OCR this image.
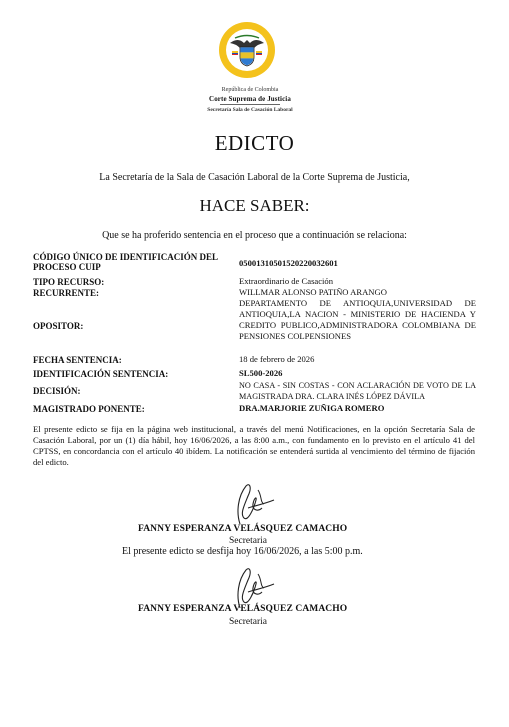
República de Colombia
Corte Suprema de Justicia
Secretaría Sala de Casación Laboral
EDICTO
La Secretaría de la Sala de Casación Laboral de la Corte Suprema de Justicia,
HACE SABER:
Que se ha proferido sentencia en el proceso que a continuación se relaciona:
CÓDIGO ÚNICO DE IDENTIFICACIÓN DEL PROCESO CUIP	05001310501520220032601
TIPO RECURSO:	Extraordinario de Casación
RECURRENTE:	WILLMAR ALONSO PATIÑO ARANGO
OPOSITOR:
DEPARTAMENTO DE ANTIOQUIA,UNIVERSIDAD DE ANTIOQUIA,LA NACION - MINISTERIO DE HACIENDA Y CREDITO PUBLICO,ADMINISTRADORA COLOMBIANA DE PENSIONES COLPENSIONES
FECHA SENTENCIA:	18 de febrero de 2026
IDENTIFICACIÓN SENTENCIA:	SL500-2026
DECISIÓN:
NO CASA - SIN COSTAS - CON ACLARACIÓN DE VOTO DE LA MAGISTRADA DRA. CLARA INÉS LÓPEZ DÁVILA
MAGISTRADO PONENTE:	DRA.MARJORIE ZUÑIGA ROMERO
El presente edicto se fija en la página web institucional, a través del menú Notificaciones, en la opción Secretaría Sala de Casación Laboral, por un (1) día hábil, hoy 16/06/2026, a las 8:00 a.m., con fundamento en lo previsto en el artículo 41 del CPTSS, en concordancia con el artículo 40 ibídem. La notificación se entenderá surtida al vencimiento del término de fijación del edicto.
FANNY ESPERANZA VELÁSQUEZ CAMACHO
Secretaria
El presente edicto se desfija hoy 16/06/2026, a las 5:00 p.m.
FANNY ESPERANZA VELÁSQUEZ CAMACHO
Secretaria
